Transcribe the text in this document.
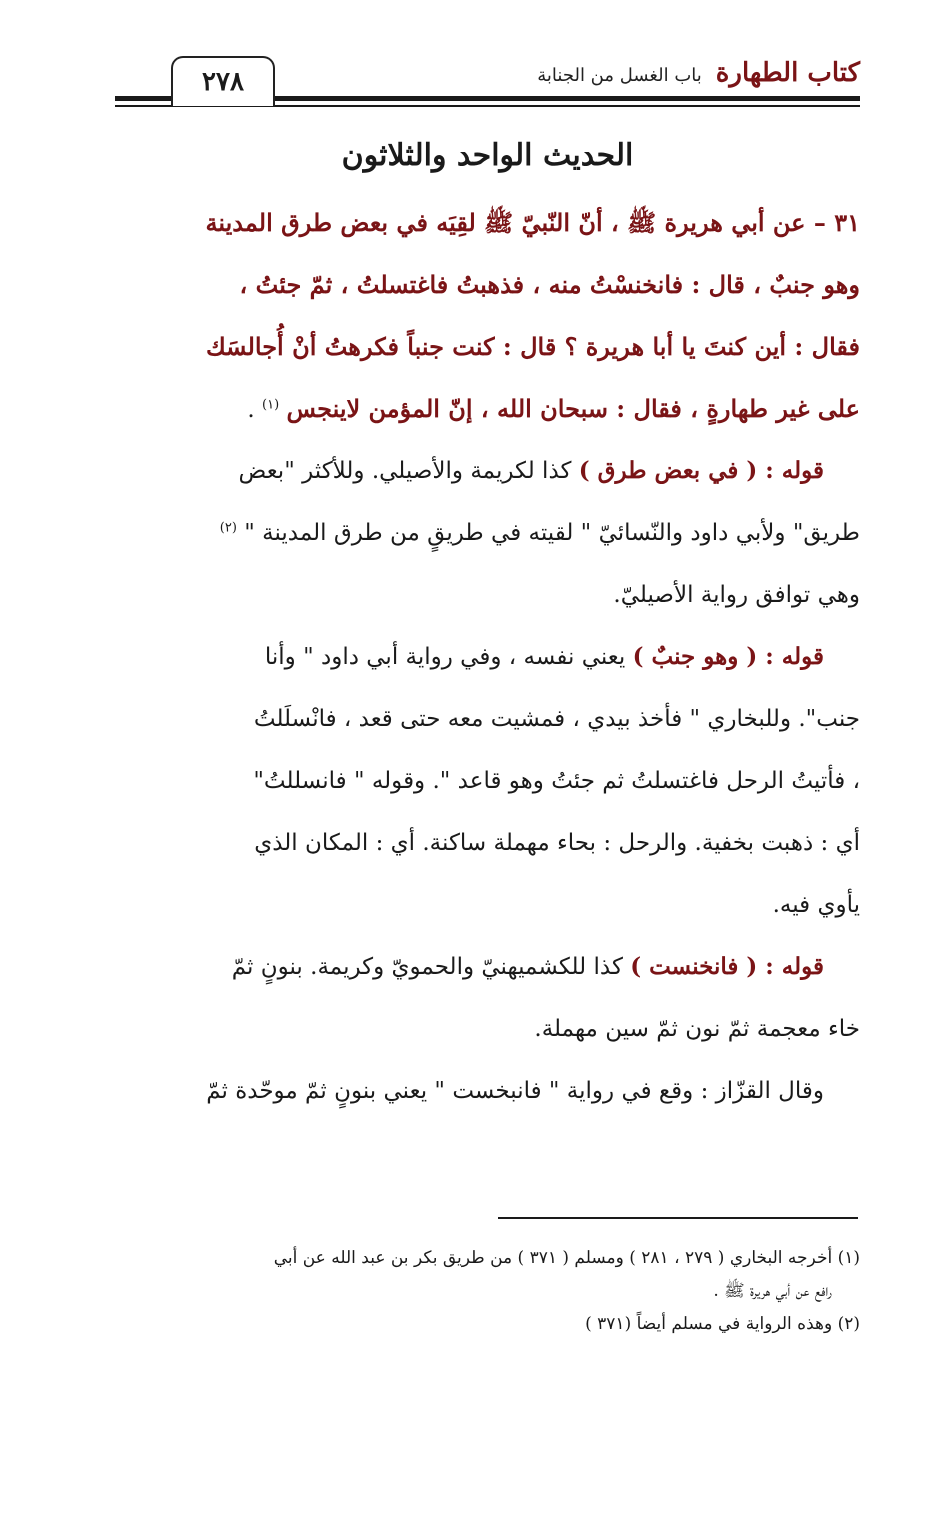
٢٧٨	كتاب الطهارة
باب الغسل من الجنابة
الحديث الواحد والثلاثون
٣١ – عن أبي هريرة ﷺ ، أنّ النّبيّ ﷺ لقِيَه في بعض طرق المدينة
وهو جنبٌ ، قال : فانخنسْتُ منه ، فذهبتُ فاغتسلتُ ، ثمّ جئتُ ،
فقال : أين كنتَ يا أبا هريرة ؟ قال : كنت جنباً فكرهتُ أنْ أُجالسَك
على غير طهارةٍ ، فقال : سبحان الله ، إنّ المؤمن لاينجس $^{(١)}$ .
قوله : ( في بعض طرق ) كذا لكريمة والأصيلي. وللأكثر "بعض
طريق" ولأبي داود والنّسائيّ " لقيته في طريقٍ من طرق المدينة " $^{(٢)}$
وهي توافق رواية الأصيليّ.
قوله : ( وهو جنبٌ ) يعني نفسه ، وفي رواية أبي داود " وأنا
جنب". وللبخاري " فأخذ بيدي ، فمشيت معه حتى قعد ، فانْسلَلتُ
، فأتيتُ الرحل فاغتسلتُ ثم جئتُ وهو قاعد ". وقوله " فانسللتُ"
أي : ذهبت بخفية. والرحل : بحاء مهملة ساكنة. أي : المكان الذي
يأوي فيه.
قوله : ( فانخنست ) كذا للكشميهنيّ والحمويّ وكريمة. بنونٍ ثمّ
خاء معجمة ثمّ نون ثمّ سين مهملة.
وقال القزّاز : وقع في رواية " فانبخست " يعني بنونٍ ثمّ موحّدة ثمّ
(١) أخرجه البخاري ( ٢٧٩ ، ٢٨١ ) ومسلم ( ٣٧١ ) من طريق بكر بن عبد الله عن أبي
رافع عن أبي هريرة ﷺ .
(٢) وهذه الرواية في مسلم أيضاً (٣٧١ )
